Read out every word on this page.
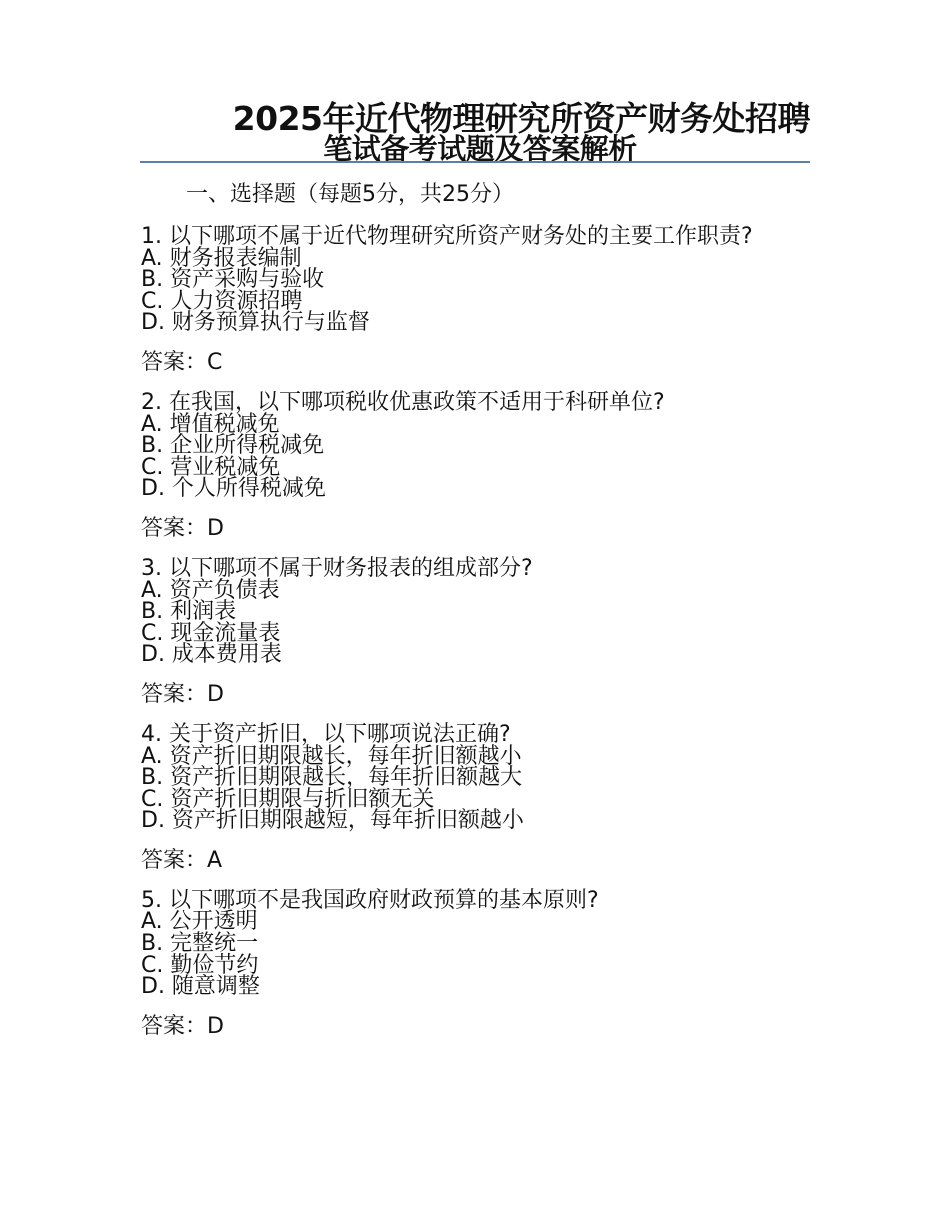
2025年近代物理研究所资产财务处招聘
笔试备考试题及答案解析
一、选择题（每题5分，共25分）
1. 以下哪项不属于近代物理研究所资产财务处的主要工作职责?
A. 财务报表编制
B. 资产采购与验收
C. 人力资源招聘
D. 财务预算执行与监督
答案：C
2. 在我国，以下哪项税收优惠政策不适用于科研单位?
A. 增值税减免
B. 企业所得税减免
C. 营业税减免
D. 个人所得税减免
答案：D
3. 以下哪项不属于财务报表的组成部分?
A. 资产负债表
B. 利润表
C. 现金流量表
D. 成本费用表
答案：D
4. 关于资产折旧，以下哪项说法正确?
A. 资产折旧期限越长，每年折旧额越小
B. 资产折旧期限越长，每年折旧额越大
C. 资产折旧期限与折旧额无关
D. 资产折旧期限越短，每年折旧额越小
答案：A
5. 以下哪项不是我国政府财政预算的基本原则?
A. 公开透明
B. 完整统一
C. 勤俭节约
D. 随意调整
答案：D
